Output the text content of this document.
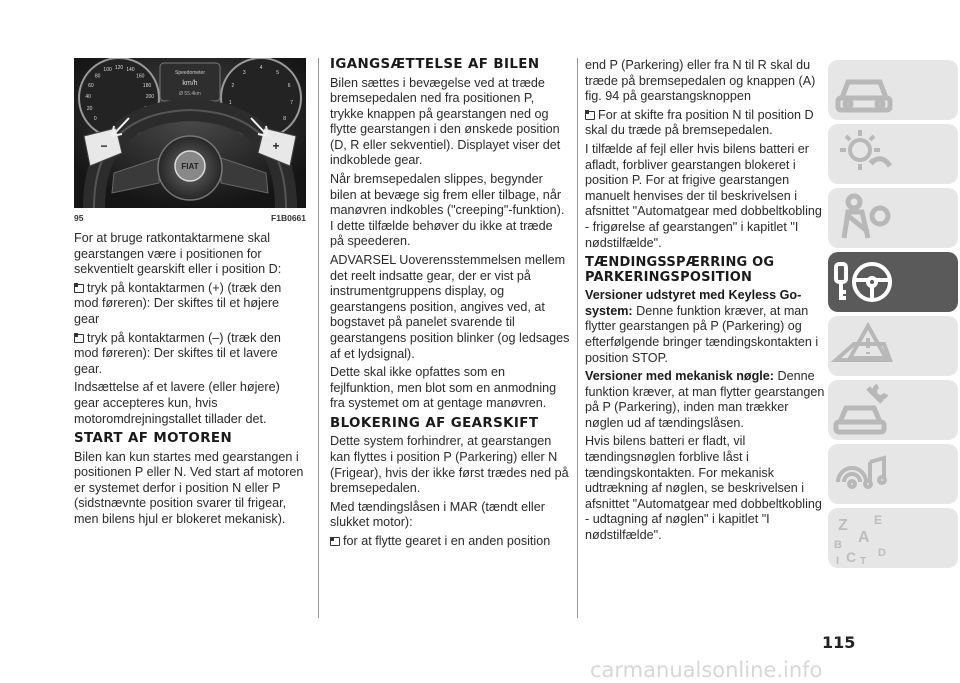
0
20
40
60
80
100 120 140
160
180
200
220
240	0
1
2
3
4
5
6
7
8
Speedometer
km/h
Ø 55.4km
FIAT
−	+
95	F1B0661

For at bruge ratkontaktarmene skal gearstangen være i positionen for sekventielt gearskift eller i position D:

tryk på kontaktarmen (+) (træk den mod føreren): Der skiftes til et højere gear

tryk på kontaktarmen (–) (træk den mod føreren): Der skiftes til et lavere gear.

Indsættelse af et lavere (eller højere) gear accepteres kun, hvis motoromdrejningstallet tillader det.

START AF MOTOREN

Bilen kan kun startes med gearstangen i positionen P eller N. Ved start af motoren er systemet derfor i position N eller P (sidstnævnte position svarer til frigear, men bilens hjul er blokeret mekanisk).

IGANGSÆTTELSE AF BILEN

Bilen sættes i bevægelse ved at træde bremsepedalen ned fra positionen P, trykke knappen på gearstangen ned og flytte gearstangen i den ønskede position (D, R eller sekventiel). Displayet viser det indkoblede gear.

Når bremsepedalen slippes, begynder bilen at bevæge sig frem eller tilbage, når manøvren indkobles ("creeping"-funktion). I dette tilfælde behøver du ikke at træde på speederen.

ADVARSEL Uoverensstemmelsen mellem det reelt indsatte gear, der er vist på instrumentgruppens display, og gearstangens position, angives ved, at bogstavet på panelet svarende til gearstangens position blinker (og ledsages af et lydsignal).

Dette skal ikke opfattes som en fejlfunktion, men blot som en anmodning fra systemet om at gentage manøvren.

BLOKERING AF GEARSKIFT

Dette system forhindrer, at gearstangen kan flyttes i position P (Parkering) eller N (Frigear), hvis der ikke først trædes ned på bremsepedalen.

Med tændingslåsen i MAR (tændt eller slukket motor):

for at flytte gearet i en anden position

end P (Parkering) eller fra N til R skal du træde på bremsepedalen og knappen (A) fig. 94 på gearstangsknoppen

For at skifte fra position N til position D skal du træde på bremsepedalen.

I tilfælde af fejl eller hvis bilens batteri er afladt, forbliver gearstangen blokeret i position P. For at frigive gearstangen manuelt henvises der til beskrivelsen i afsnittet "Automatgear med dobbeltkobling - frigørelse af gearstangen" i kapitlet "I nødstilfælde".

TÆNDINGSSPÆRRING OG PARKERINGSPOSITION

Versioner udstyret med Keyless Go-system: Denne funktion kræver, at man flytter gearstangen på P (Parkering) og efterfølgende bringer tændingskontakten i position STOP.

Versioner med mekanisk nøgle: Denne funktion kræver, at man flytter gearstangen på P (Parkering), inden man trækker nøglen ud af tændingslåsen.

Hvis bilens batteri er fladt, vil tændingsnøglen forblive låst i tændingskontakten. For mekanisk udtrækning af nøglen, se beskrivelsen i afsnittet "Automatgear med dobbeltkobling - udtagning af nøglen" i kapitlet "I nødstilfælde".

Z E
A
B
C D
T
I
115
carmanualsonline.info
